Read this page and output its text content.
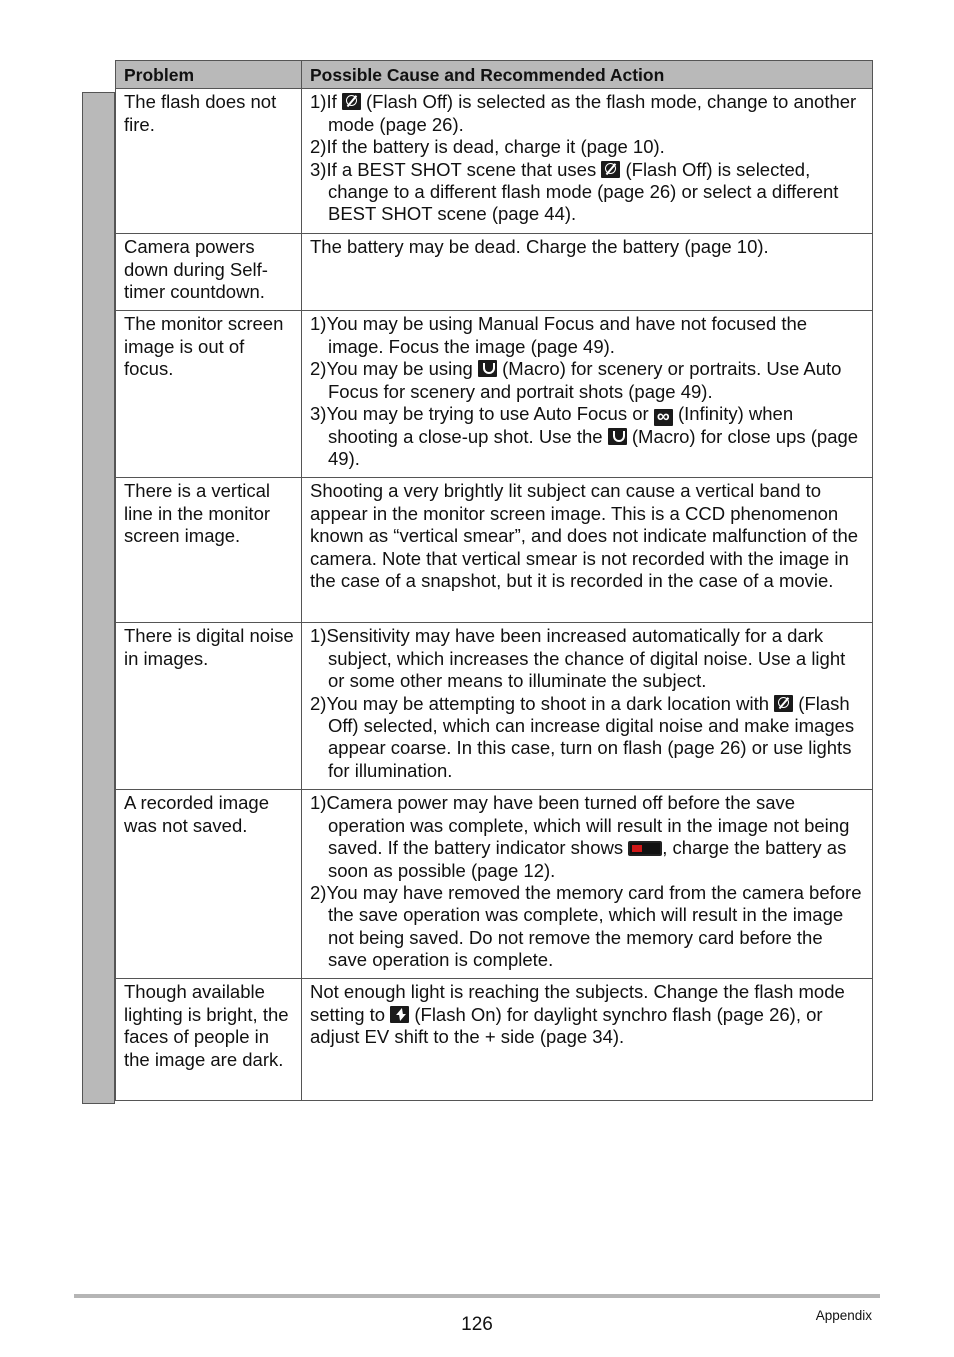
Problem	Possible Cause and Recommended Action
The flash does not fire.	1)If  (Flash Off) is selected as the flash mode, change to another mode (page 26).
2)If the battery is dead, charge it (page 10).
3)If a BEST SHOT scene that uses  (Flash Off) is selected, change to a different flash mode (page 26) or select a different BEST SHOT scene (page 44).

Camera powers down during Self-timer countdown.	The battery may be dead. Charge the battery (page 10).
The monitor screen image is out of focus.	1)You may be using Manual Focus and have not focused the image. Focus the image (page 49).
2)You may be using  (Macro) for scenery or portraits. Use Auto Focus for scenery and portrait shots (page 49).
3)You may be trying to use Auto Focus or ∞ (Infinity) when shooting a close-up shot. Use the  (Macro) for close ups (page 49).

There is a vertical line in the monitor screen image.	Shooting a very brightly lit subject can cause a vertical band to appear in the monitor screen image. This is a CCD phenomenon known as “vertical smear”, and does not indicate malfunction of the camera. Note that vertical smear is not recorded with the image in the case of a snapshot, but it is recorded in the case of a movie.
There is digital noise in images.	1)Sensitivity may have been increased automatically for a dark subject, which increases the chance of digital noise. Use a light or some other means to illuminate the subject.
2)You may be attempting to shoot in a dark location with  (Flash Off) selected, which can increase digital noise and make images appear coarse. In this case, turn on flash (page 26) or use lights for illumination.

A recorded image was not saved.	1)Camera power may have been turned off before the save operation was complete, which will result in the image not being saved. If the battery indicator shows , charge the battery as soon as possible (page 12).
2)You may have removed the memory card from the camera before the save operation was complete, which will result in the image not being saved. Do not remove the memory card before the save operation is complete.

Though available lighting is bright, the faces of people in the image are dark.	Not enough light is reaching the subjects. Change the flash mode setting to  (Flash On) for daylight synchro flash (page 26), or adjust EV shift to the + side (page 34).
126	Appendix
